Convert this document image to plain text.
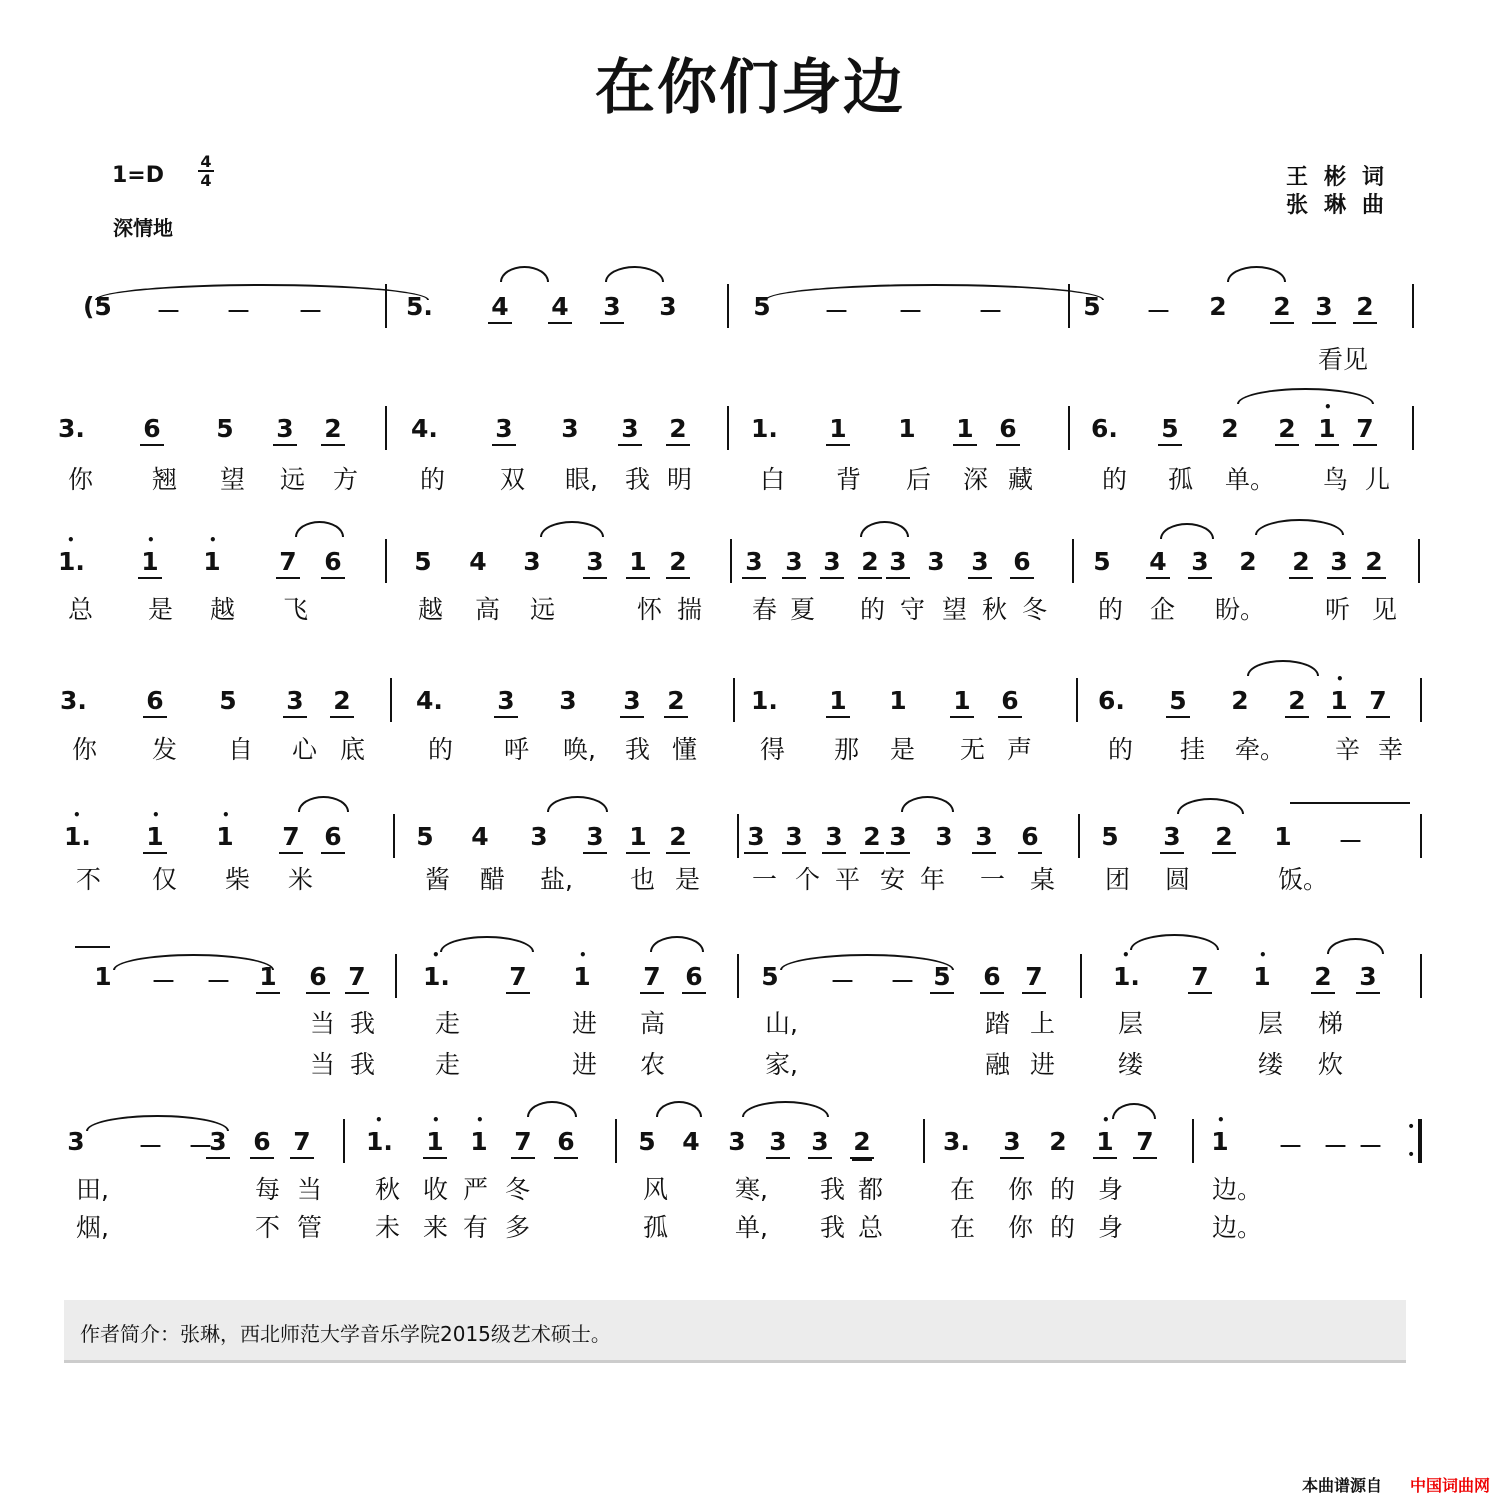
在你们身边
$1=D \frac{4}{4}$
深情地
王彬词
张琳曲
(5 － － －	5. 4 4 3 3	5 － － －	5 － 2 2 3 2
看见
3. 6 5 3 2	4. 3 3 3 2	1. 1 1 1 6	6. 5 2 2 1
•
7
你 翘 望 远 方 的 双 眼, 我 明	白 背 后 深 藏	的 孤 单。 鸟 儿
1.
•
1
•
1
•
7 6	5 4 3 3 1 2 3 3 3 2 3 3 3 6	5 4 3 2 2 3 2
总 是 越 飞	越 高 远	怀 揣 春 夏 的 守 望 秋 冬 的 企 盼。 听 见
3. 6 5 3 2	4. 3 3 3 2	1. 1 1 1 6	6. 5 2 2 1
•
7
你 发 自 心 底	的 呼 唤, 我 懂	得 那 是 无 声	的 挂 牵。 辛 幸
1.
•
1
•
1
•
7 6	5 4 3 3 1 2 3 3 3 2 3 3 3 6	5 3 2 1 －
不 仅 柴 米	酱 醋 盐, 也 是 一 个 平 安 年 一 桌 团 圆	饭。
1 － － 1 6 7 1.
•
7 1
•
7 6 5 － － 5 6 7	1.
•
7 1
•
2 3
当 我 走	进 高	山,	踏 上	层	层 梯
当 我 走	进 农	家,	融 进	缕	缕 炊
3 － －
3 6 7 1.
•
1
•
1
•
7 6	5 4 3 3 3 2	3. 3 2 1
•
7 1
•
－ － －
田,	每 当 秋 收 严 冬	风	寒, 我 都	在 你 的 身	边。
烟,	不 管 未 来 有 多	孤	单, 我 总	在 你 的 身	边。
•

•
作者简介：张琳，西北师范大学音乐学院2015级艺术硕士。
本曲谱源自 中国词曲网
